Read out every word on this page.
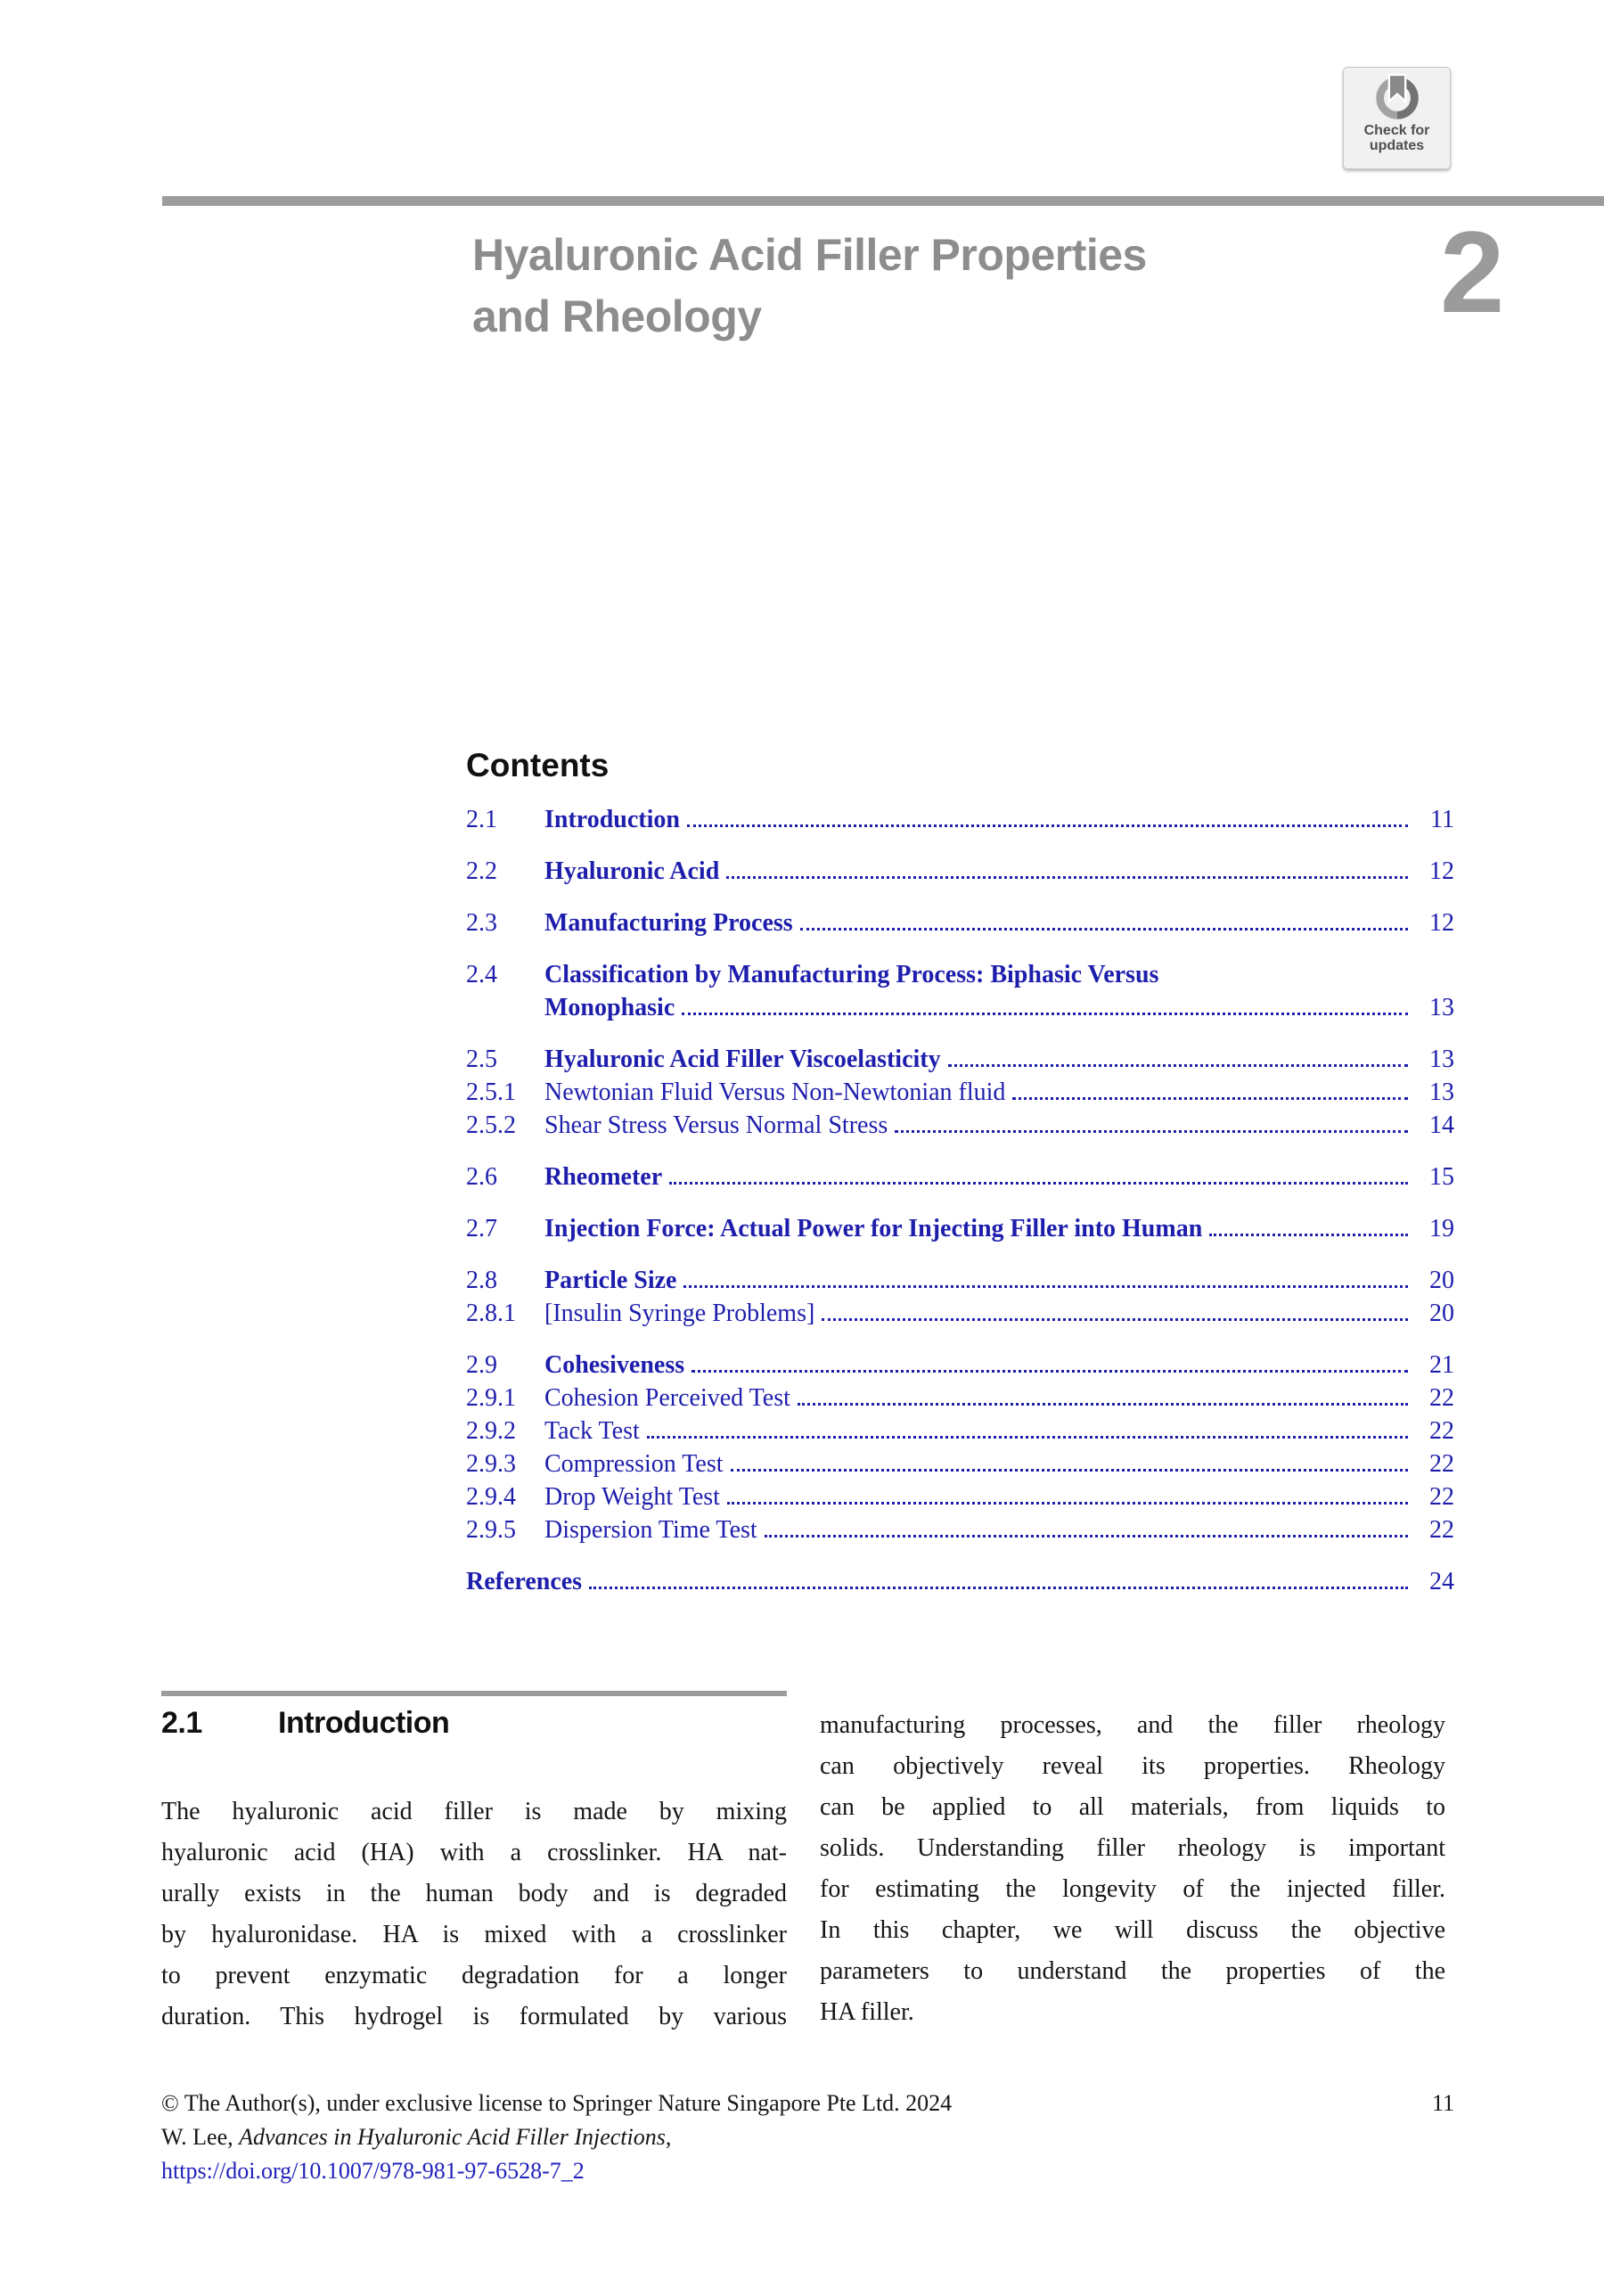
Check for
updates
Hyaluronic Acid Filler Properties
and Rheology	2
Contents
2.1	Introduction	11
2.2	Hyaluronic Acid	12
2.3	Manufacturing Process	12
2.4	Classification by Manufacturing Process: Biphasic Versus
Monophasic	13
2.5	Hyaluronic Acid Filler Viscoelasticity	13
2.5.1	Newtonian Fluid Versus Non-Newtonian fluid	13
2.5.2	Shear Stress Versus Normal Stress	14
2.6	Rheometer	15
2.7	Injection Force: Actual Power for Injecting Filler into Human	19
2.8	Particle Size	20
2.8.1	[Insulin Syringe Problems]	20
2.9	Cohesiveness	21
2.9.1	Cohesion Perceived Test	22
2.9.2	Tack Test	22
2.9.3	Compression Test	22
2.9.4	Drop Weight Test	22
2.9.5	Dispersion Time Test	22
References	24
2.1	Introduction
The hyaluronic acid filler is made by mixing
hyaluronic acid (HA) with a crosslinker. HA nat-
urally exists in the human body and is degraded
by hyaluronidase. HA is mixed with a crosslinker
to prevent enzymatic degradation for a longer
duration. This hydrogel is formulated by various
manufacturing processes, and the filler rheology
can objectively reveal its properties. Rheology
can be applied to all materials, from liquids to
solids. Understanding filler rheology is important
for estimating the longevity of the injected filler.
In this chapter, we will discuss the objective
parameters to understand the properties of the
HA filler.
© The Author(s), under exclusive license to Springer Nature Singapore Pte Ltd. 2024	11
W. Lee, Advances in Hyaluronic Acid Filler Injections,
https://doi.org/10.1007/978-981-97-6528-7_2
